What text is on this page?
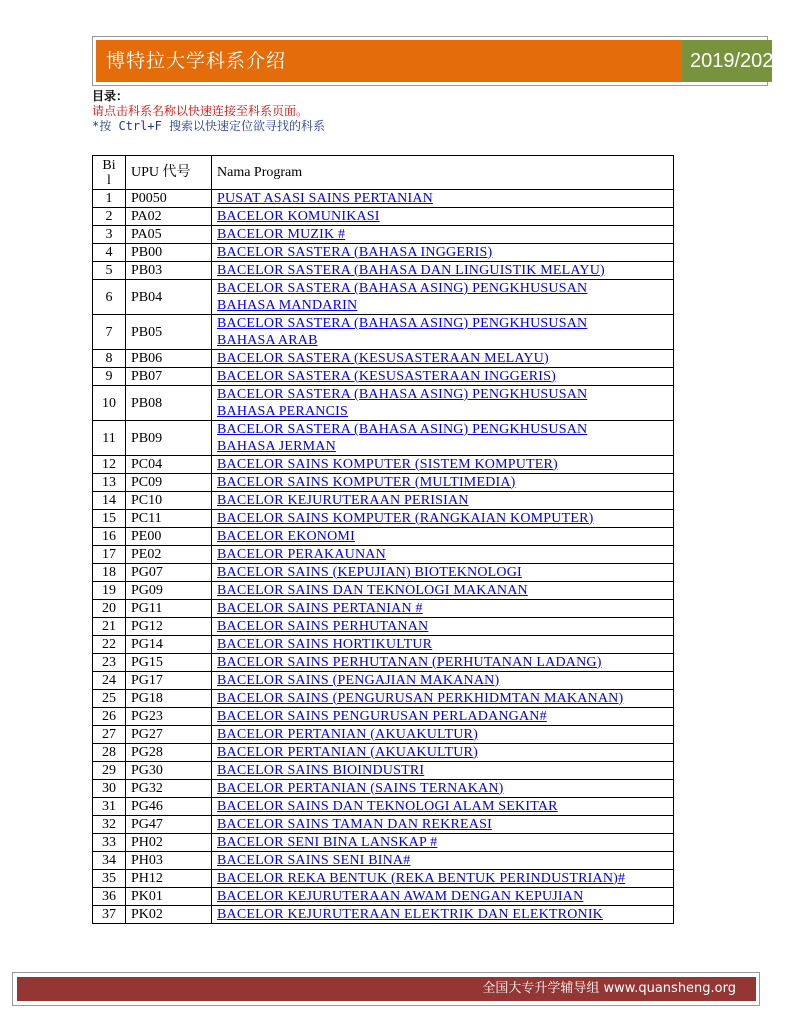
博特拉大学科系介绍	2019/2020
目录：
请点击科系名称以快速连接至科系页面。
*按 Ctrl+F 搜索以快速定位欲寻找的科系
Bi
l	UPU 代号	Nama Program
1	P0050	PUSAT ASASI SAINS PERTANIAN
2	PA02	BACELOR KOMUNIKASI
3	PA05	BACELOR MUZIK #
4	PB00	BACELOR SASTERA (BAHASA INGGERIS)
5	PB03	BACELOR SASTERA (BAHASA DAN LINGUISTIK MELAYU)
6	PB04	BACELOR SASTERA (BAHASA ASING) PENGKHUSUSAN
BAHASA MANDARIN
7	PB05	BACELOR SASTERA (BAHASA ASING) PENGKHUSUSAN
BAHASA ARAB
8	PB06	BACELOR SASTERA (KESUSASTERAAN MELAYU)
9	PB07	BACELOR SASTERA (KESUSASTERAAN INGGERIS)
10	PB08	BACELOR SASTERA (BAHASA ASING) PENGKHUSUSAN
BAHASA PERANCIS
11	PB09	BACELOR SASTERA (BAHASA ASING) PENGKHUSUSAN
BAHASA JERMAN
12	PC04	BACELOR SAINS KOMPUTER (SISTEM KOMPUTER)
13	PC09	BACELOR SAINS KOMPUTER (MULTIMEDIA)
14	PC10	BACELOR KEJURUTERAAN PERISIAN
15	PC11	BACELOR SAINS KOMPUTER (RANGKAIAN KOMPUTER)
16	PE00	BACELOR EKONOMI
17	PE02	BACELOR PERAKAUNAN
18	PG07	BACELOR SAINS (KEPUJIAN) BIOTEKNOLOGI
19	PG09	BACELOR SAINS DAN TEKNOLOGI MAKANAN
20	PG11	BACELOR SAINS PERTANIAN #
21	PG12	BACELOR SAINS PERHUTANAN
22	PG14	BACELOR SAINS HORTIKULTUR
23	PG15	BACELOR SAINS PERHUTANAN (PERHUTANAN LADANG)
24	PG17	BACELOR SAINS (PENGAJIAN MAKANAN)
25	PG18	BACELOR SAINS (PENGURUSAN PERKHIDMTAN MAKANAN)
26	PG23	BACELOR SAINS PENGURUSAN PERLADANGAN#
27	PG27	BACELOR PERTANIAN (AKUAKULTUR)
28	PG28	BACELOR PERTANIAN (AKUAKULTUR)
29	PG30	BACELOR SAINS BIOINDUSTRI
30	PG32	BACELOR PERTANIAN (SAINS TERNAKAN)
31	PG46	BACELOR SAINS DAN TEKNOLOGI ALAM SEKITAR
32	PG47	BACELOR SAINS TAMAN DAN REKREASI
33	PH02	BACELOR SENI BINA LANSKAP #
34	PH03	BACELOR SAINS SENI BINA#
35	PH12	BACELOR REKA BENTUK (REKA BENTUK PERINDUSTRIAN)#
36	PK01	BACELOR KEJURUTERAAN AWAM DENGAN KEPUJIAN
37	PK02	BACELOR KEJURUTERAAN ELEKTRIK DAN ELEKTRONIK
全国大专升学辅导组 www.quansheng.org
